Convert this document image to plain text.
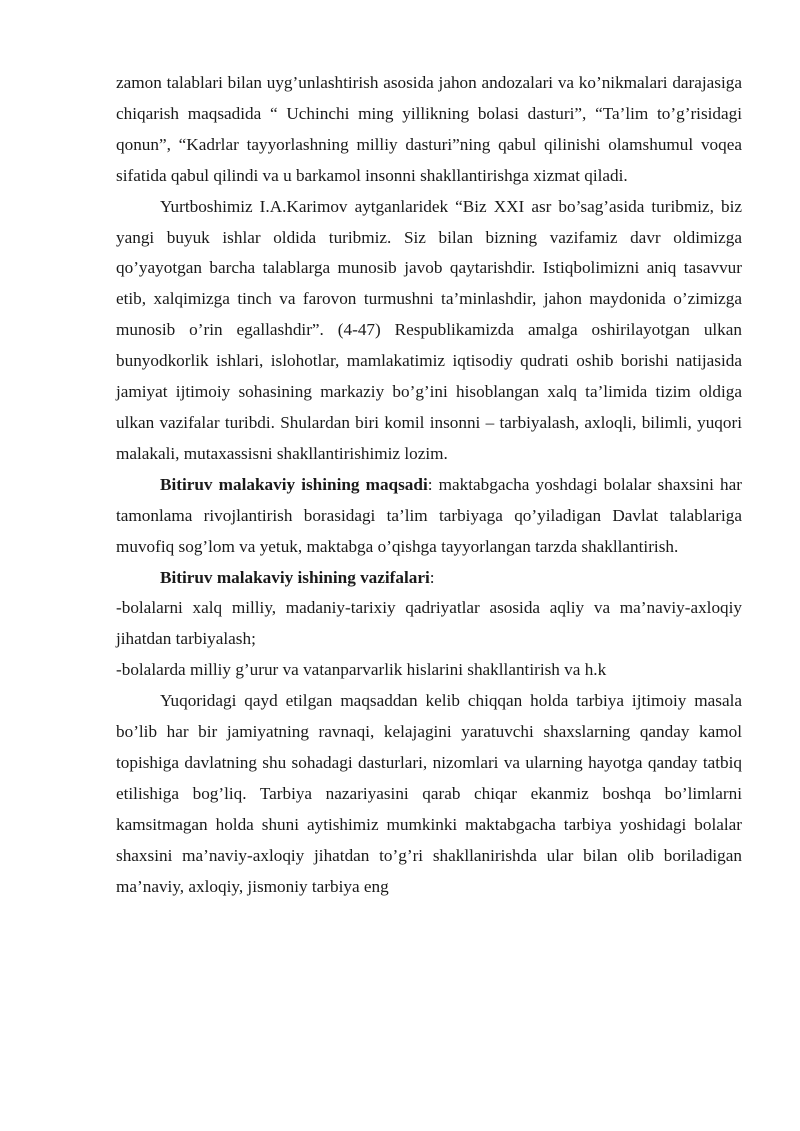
zamon talablari bilan uyg’unlashtirish asosida jahon andozalari va ko’nikmalari darajasiga chiqarish maqsadida “ Uchinchi ming yillikning bolasi dasturi”, “Ta’lim to’g’risidagi qonun”, “Kadrlar tayyorlashning milliy dasturi”ning qabul qilinishi olamshumul voqea sifatida qabul qilindi va u barkamol insonni shakllantirishga xizmat qiladi.

Yurtboshimiz I.A.Karimov aytganlaridek “Biz XXI asr bo’sag’asida turibmiz, biz yangi buyuk ishlar oldida turibmiz. Siz bilan bizning vazifamiz davr oldimizga qo’yayotgan barcha talablarga munosib javob qaytarishdir. Istiqbolimizni aniq tasavvur etib, xalqimizga tinch va farovon turmushni ta’minlashdir, jahon maydonida o’zimizga munosib o’rin egallashdir”. (4-47) Respublikamizda amalga oshirilayotgan ulkan bunyodkorlik ishlari, islohotlar, mamlakatimiz iqtisodiy qudrati oshib borishi natijasida jamiyat ijtimoiy sohasining markaziy bo’g’ini hisoblangan xalq ta’limida tizim oldiga ulkan vazifalar turibdi. Shulardan biri komil insonni – tarbiyalash, axloqli, bilimli, yuqori malakali, mutaxassisni shakllantirishimiz lozim.

Bitiruv malakaviy ishining maqsadi: maktabgacha yoshdagi bolalar shaxsini har tamonlama rivojlantirish borasidagi ta’lim tarbiyaga qo’yiladigan Davlat talablariga muvofiq sog’lom va yetuk, maktabga o’qishga tayyorlangan tarzda shakllantirish.

Bitiruv malakaviy ishining vazifalari:

-bolalarni xalq milliy, madaniy-tarixiy qadriyatlar asosida aqliy va ma’naviy-axloqiy jihatdan tarbiyalash;

-bolalarda milliy g’urur va vatanparvarlik hislarini shakllantirish va h.k

Yuqoridagi qayd etilgan maqsaddan kelib chiqqan holda tarbiya ijtimoiy masala bo’lib har bir jamiyatning ravnaqi, kelajagini yaratuvchi shaxslarning qanday kamol topishiga davlatning shu sohadagi dasturlari, nizomlari va ularning hayotga qanday tatbiq etilishiga bog’liq. Tarbiya nazariyasini qarab chiqar ekanmiz boshqa bo’limlarni kamsitmagan holda shuni aytishimiz mumkinki maktabgacha tarbiya yoshidagi bolalar shaxsini ma’naviy-axloqiy jihatdan to’g’ri shakllanirishda ular bilan olib boriladigan ma’naviy, axloqiy, jismoniy tarbiya eng
